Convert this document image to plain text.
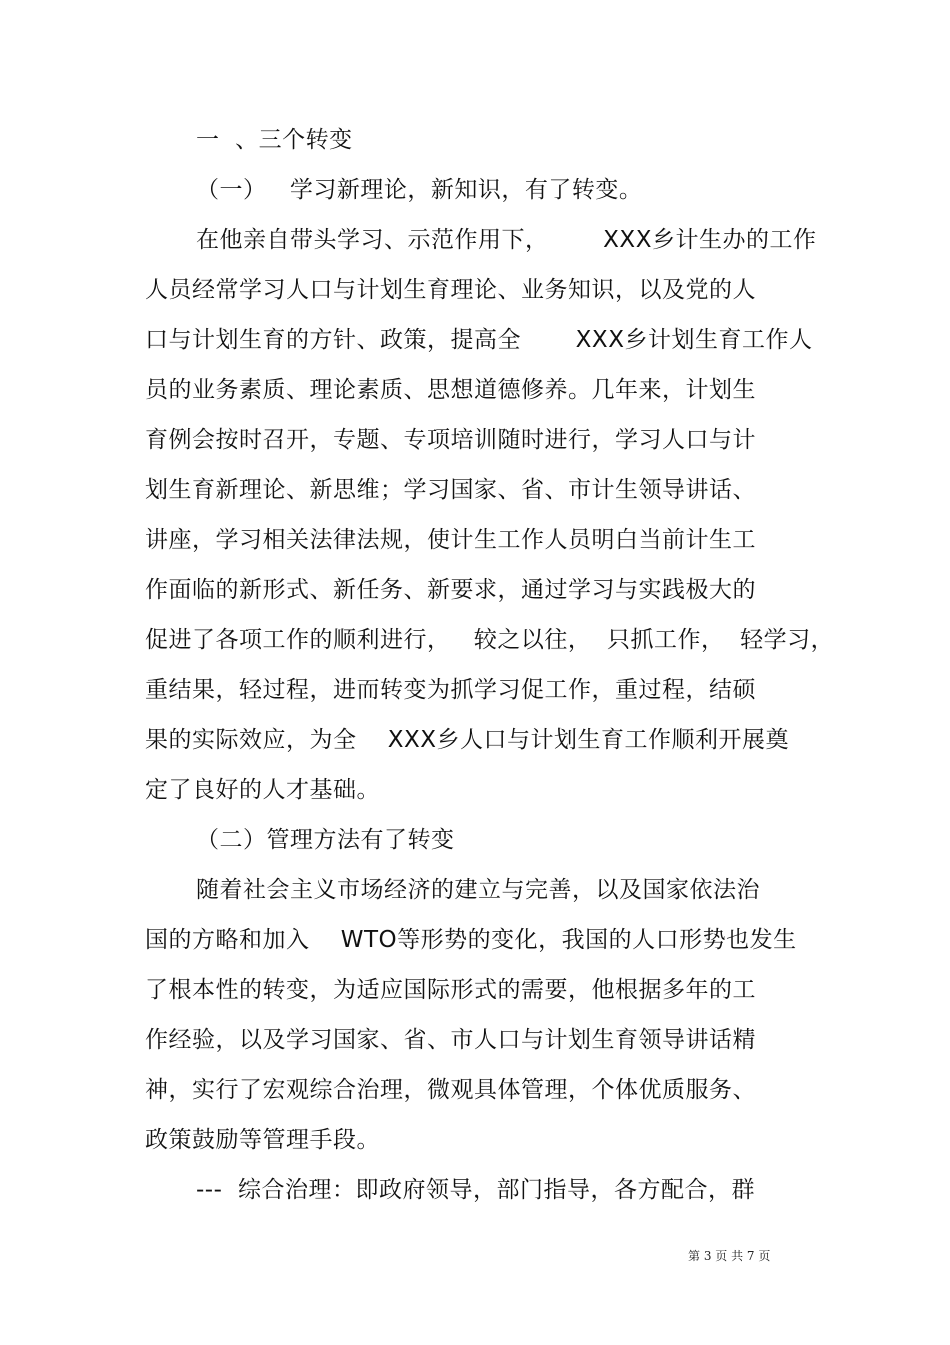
一  、三个转变
（一）   学习新理论，新知识，有了转变。
在他亲自带头学习、示范作用下，       XXX乡计生办的工作
人员经常学习人口与计划生育理论、业务知识，以及党的人
口与计划生育的方针、政策，提高全       XXX乡计划生育工作人
员的业务素质、理论素质、思想道德修养。几年来，计划生
育例会按时召开，专题、专项培训随时进行，学习人口与计
划生育新理论、新思维；学习国家、省、市计生领导讲话、
讲座，学习相关法律法规，使计生工作人员明白当前计生工
作面临的新形式、新任务、新要求，通过学习与实践极大的
促进了各项工作的顺利进行，   较之以往，  只抓工作，  轻学习，
重结果，轻过程，进而转变为抓学习促工作，重过程，结硕
果的实际效应，为全    XXX乡人口与计划生育工作顺利开展奠
定了良好的人才基础。
（二）管理方法有了转变
随着社会主义市场经济的建立与完善，以及国家依法治
国的方略和加入    WTO等形势的变化，我国的人口形势也发生
了根本性的转变，为适应国际形式的需要，他根据多年的工
作经验，以及学习国家、省、市人口与计划生育领导讲话精
神，实行了宏观综合治理，微观具体管理，个体优质服务、
政策鼓励等管理手段。
---  综合治理：即政府领导，部门指导，各方配合，群
第 3 页 共 7 页
